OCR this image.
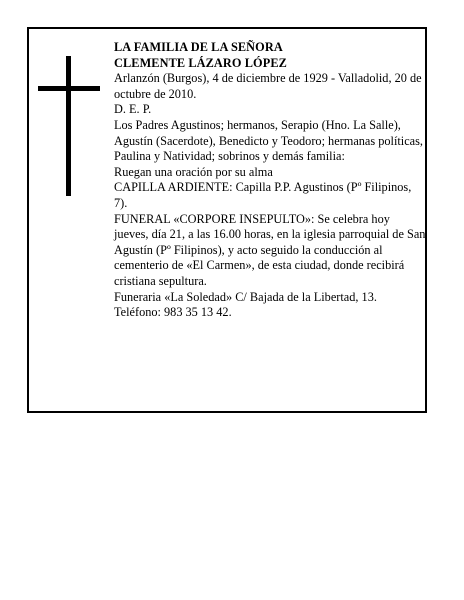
LA FAMILIA DE LA SEÑORA

CLEMENTE LÁZARO LÓPEZ

Arlanzón (Burgos), 4 de diciembre de 1929 - Valladolid, 20 de octubre de 2010.

D. E. P.

Los Padres Agustinos; hermanos, Serapio (Hno. La Salle), Agustín (Sacerdote), Benedicto y Teodoro; hermanas políticas, Paulina y Natividad; sobrinos y demás familia:

Ruegan una oración por su alma

CAPILLA ARDIENTE: Capilla P.P. Agustinos (Pº Filipinos, 7).

FUNERAL «CORPORE INSEPULTO»: Se celebra hoy jueves, día 21, a las 16.00 horas, en la iglesia parroquial de San Agustín (Pº Filipinos), y acto seguido la conducción al cementerio de «El Carmen», de esta ciudad, donde recibirá cristiana sepultura.

Funeraria «La Soledad» C/ Bajada de la Libertad, 13. Teléfono: 983 35 13 42.
